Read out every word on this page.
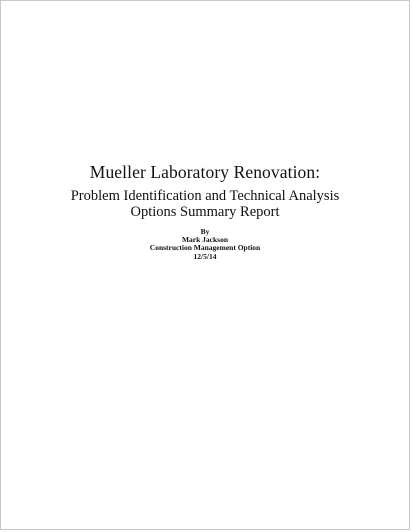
Mueller Laboratory Renovation:
Problem Identification and Technical Analysis
Options Summary Report
By
Mark Jackson
Construction Management Option
12/5/14
